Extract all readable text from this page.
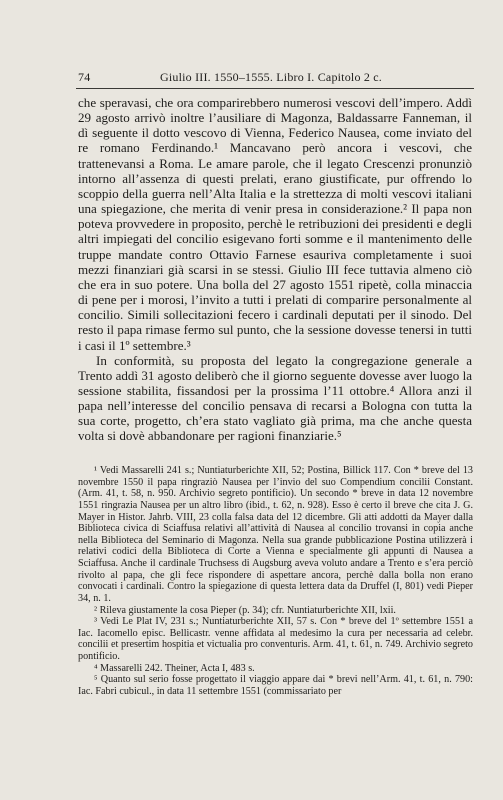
74	Giulio III. 1550–1555. Libro I. Capitolo 2 c.

che speravasi, che ora comparirebbero numerosi vescovi dell’impero. Addì 29 agosto arrivò inoltre l’ausiliare di Magonza, Baldassarre Fanneman, il dì seguente il dotto vescovo di Vienna, Federico Nausea, come inviato del re romano Ferdinando.¹ Mancavano però ancora i vescovi, che trattenevansi a Roma. Le amare parole, che il legato Crescenzi pronunziò intorno all’assenza di questi prelati, erano giustificate, pur offrendo lo scoppio della guerra nell’Alta Italia e la strettezza di molti vescovi italiani una spiegazione, che merita di venir presa in considerazione.² Il papa non poteva provvedere in proposito, perchè le retribuzioni dei presidenti e degli altri impiegati del concilio esigevano forti somme e il mantenimento delle truppe mandate contro Ottavio Farnese esauriva completamente i suoi mezzi finanziari già scarsi in se stessi. Giulio III fece tuttavia almeno ciò che era in suo potere. Una bolla del 27 agosto 1551 ripetè, colla minaccia di pene per i morosi, l’invito a tutti i prelati di comparire personalmente al concilio. Simili sollecitazioni fecero i cardinali deputati per il sinodo. Del resto il papa rimase fermo sul punto, che la sessione dovesse tenersi in tutti i casi il 1º settembre.³

In conformità, su proposta del legato la congregazione generale a Trento addì 31 agosto deliberò che il giorno seguente dovesse aver luogo la sessione stabilita, fissandosi per la prossima l’11 ottobre.⁴ Allora anzi il papa nell’interesse del concilio pensava di recarsi a Bologna con tutta la sua corte, progetto, ch’era stato vagliato già prima, ma che anche questa volta si dovè abbandonare per ragioni finanziarie.⁵

¹ Vedi Massarelli 241 s.; Nuntiaturberichte XII, 52; Postina, Billick 117. Con * breve del 13 novembre 1550 il papa ringraziò Nausea per l’invio del suo Compendium concilii Constant. (Arm. 41, t. 58, n. 950. Archivio segreto pontificio). Un secondo * breve in data 12 novembre 1551 ringrazia Nausea per un altro libro (ibid., t. 62, n. 928). Esso è certo il breve che cita J. G. Mayer in Histor. Jahrb. VIII, 23 colla falsa data del 12 dicembre. Gli atti addotti da Mayer dalla Biblioteca civica di Sciaffusa relativi all’attività di Nausea al concilio trovansi in copia anche nella Biblioteca del Seminario di Magonza. Nella sua grande pubblicazione Postina utilizzerà i relativi codici della Biblioteca di Corte a Vienna e specialmente gli appunti di Nausea a Sciaffusa. Anche il cardinale Truchsess di Augsburg aveva voluto andare a Trento e s’era perciò rivolto al papa, che gli fece rispondere di aspettare ancora, perchè dalla bolla non erano convocati i cardinali. Contro la spiegazione di questa lettera data da Druffel (I, 801) vedi Pieper 34, n. 1.

² Rileva giustamente la cosa Pieper (p. 34); cfr. Nuntiaturberichte XII, lxii.

³ Vedi Le Plat IV, 231 s.; Nuntiaturberichte XII, 57 s. Con * breve del 1º settembre 1551 a Iac. Iacomello episc. Bellicastr. venne affidata al medesimo la cura per necessaria ad celebr. concilii et presertim hospitia et victualia pro conventuris. Arm. 41, t. 61, n. 749. Archivio segreto pontificio.

⁴ Massarelli 242. Theiner, Acta I, 483 s.

⁵ Quanto sul serio fosse progettato il viaggio appare dai * brevi nell’Arm. 41, t. 61, n. 790: Iac. Fabri cubicul., in data 11 settembre 1551 (commissariato per
